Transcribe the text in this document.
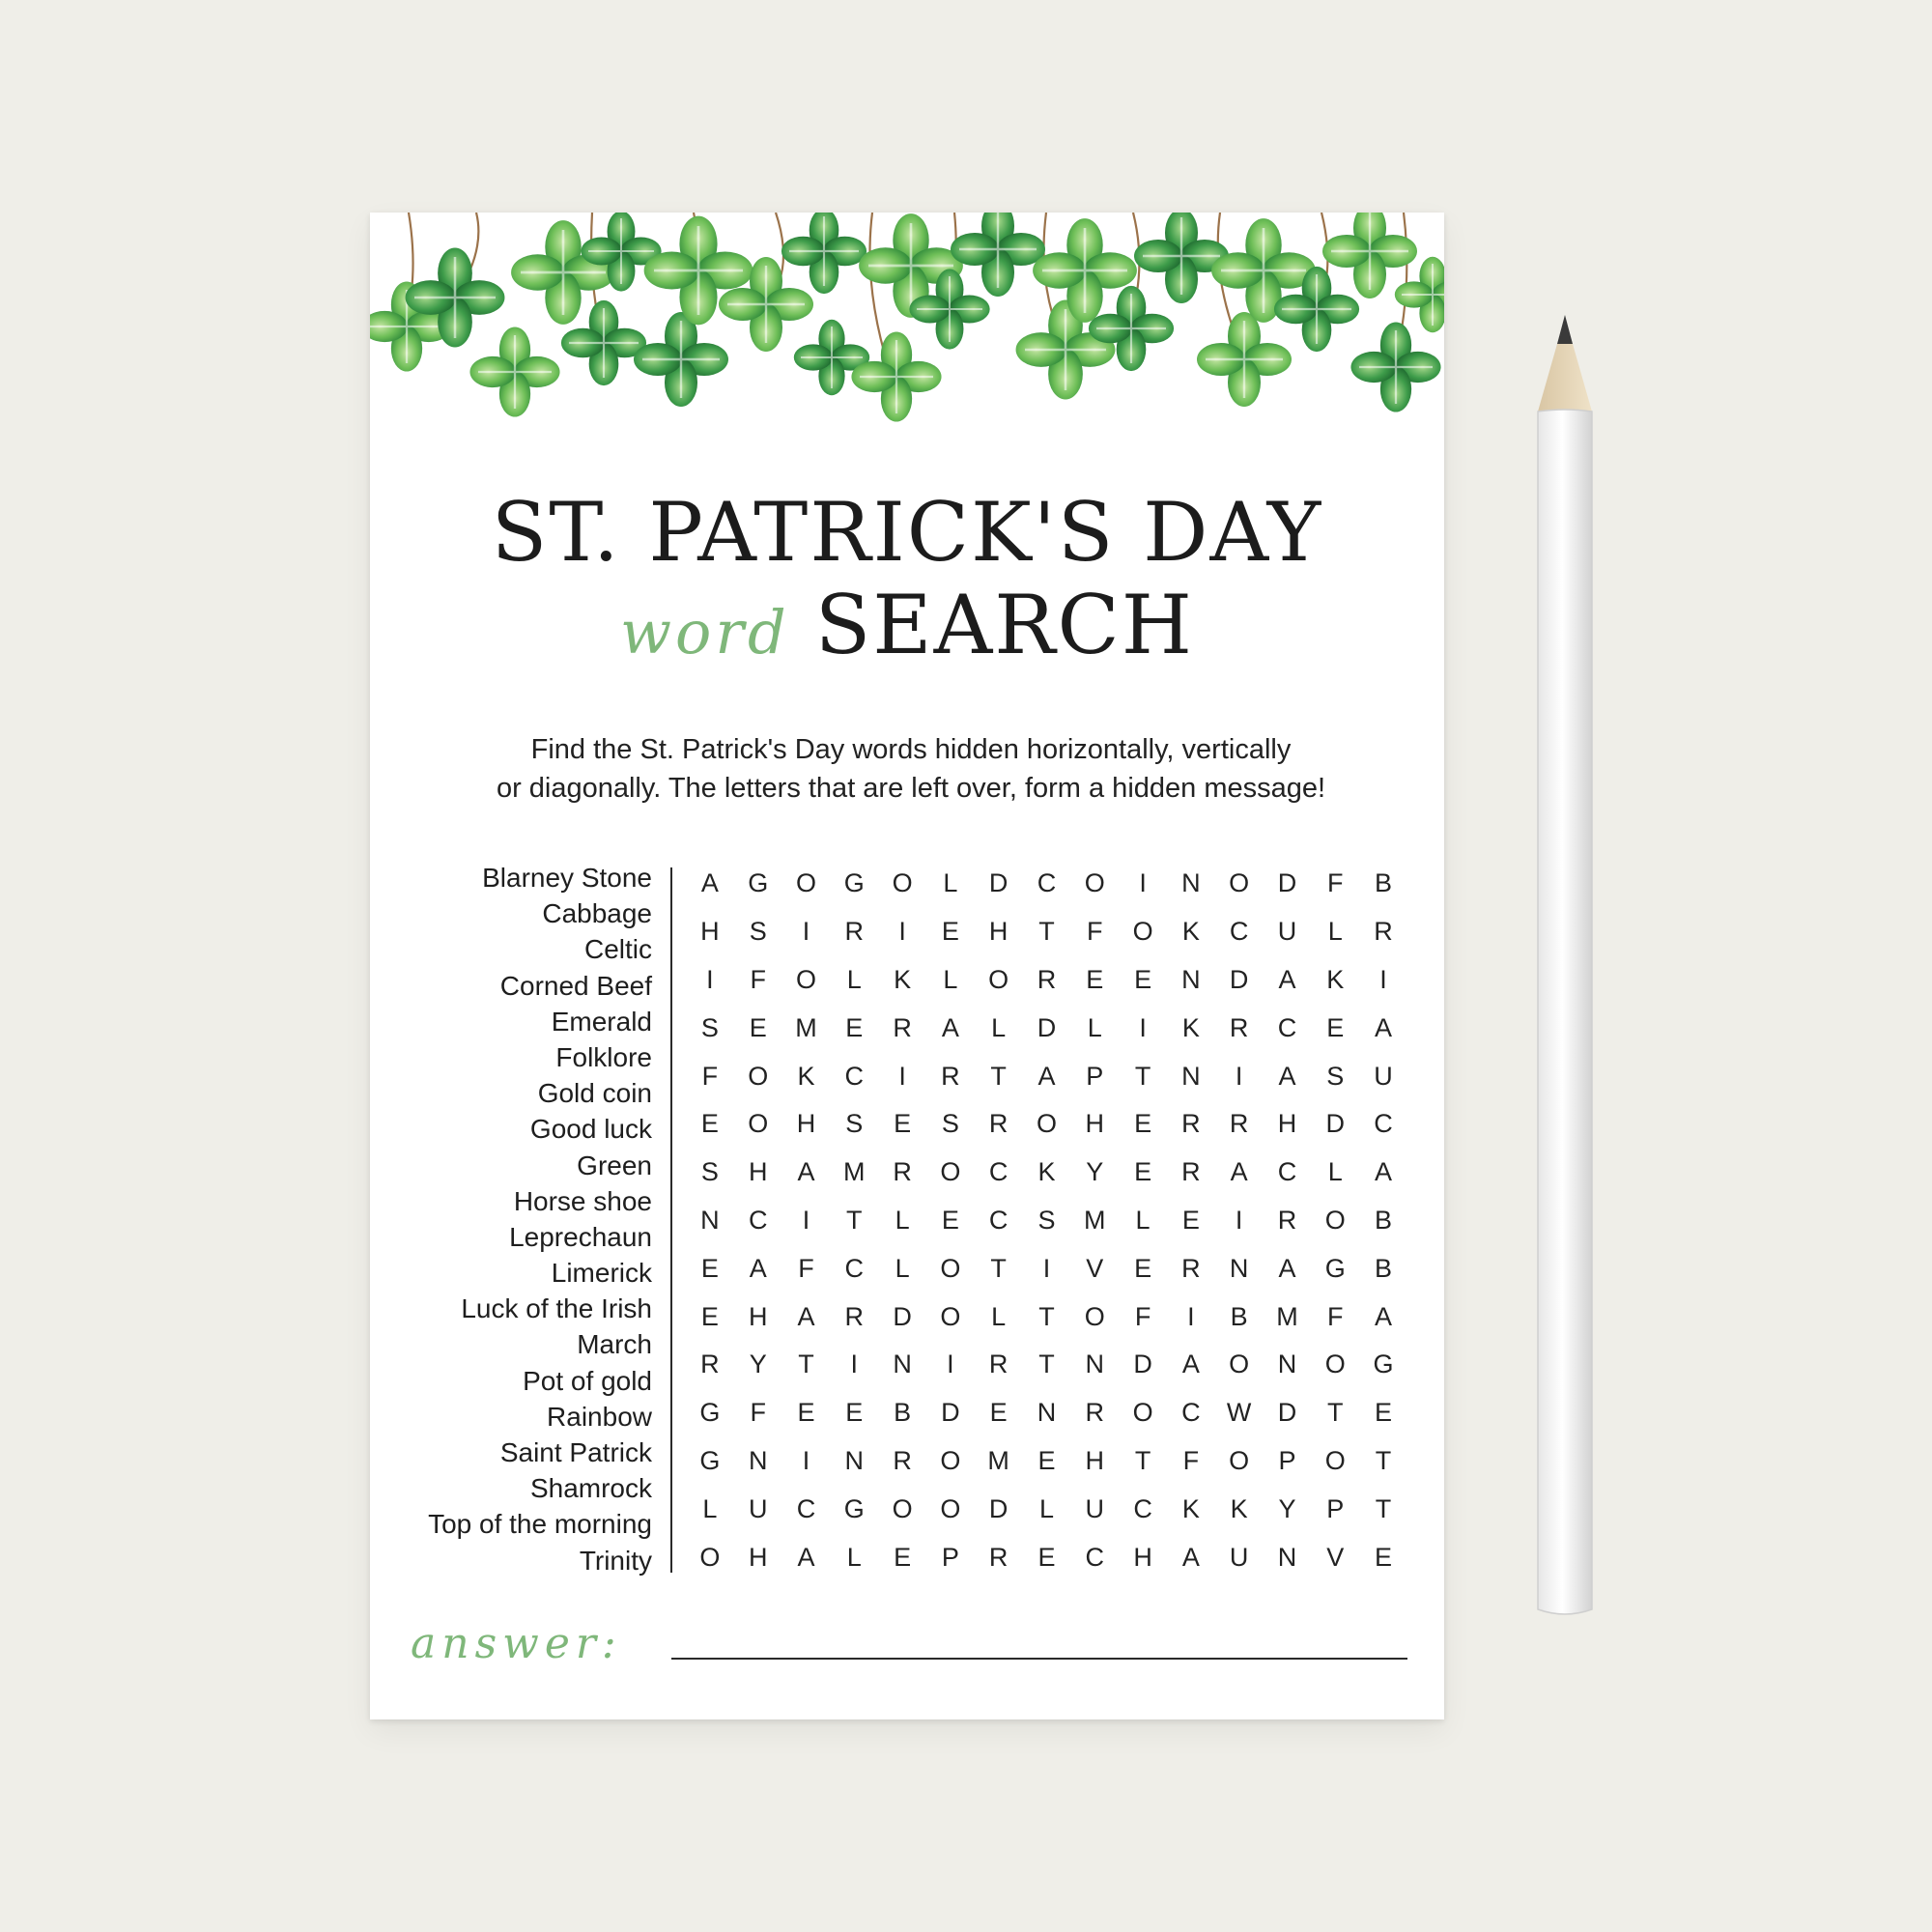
ST. PATRICK'S DAY
word SEARCH
Find the St. Patrick's Day words hidden horizontally, vertically
or diagonally. The letters that are left over, form a hidden message!
Blarney Stone
Cabbage
Celtic
Corned Beef
Emerald
Folklore
Gold coin
Good luck
Green
Horse shoe
Leprechaun
Limerick
Luck of the Irish
March
Pot of gold
Rainbow
Saint Patrick
Shamrock
Top of the morning
Trinity
A	G	O	G	O	L	D	C	O	I	N	O	D	F	B
H	S	I	R	I	E	H	T	F	O	K	C	U	L	R
I	F	O	L	K	L	O	R	E	E	N	D	A	K	I
S	E	M	E	R	A	L	D	L	I	K	R	C	E	A
F	O	K	C	I	R	T	A	P	T	N	I	A	S	U
E	O	H	S	E	S	R	O	H	E	R	R	H	D	C
S	H	A	M	R	O	C	K	Y	E	R	A	C	L	A
N	C	I	T	L	E	C	S	M	L	E	I	R	O	B
E	A	F	C	L	O	T	I	V	E	R	N	A	G	B
E	H	A	R	D	O	L	T	O	F	I	B	M	F	A
R	Y	T	I	N	I	R	T	N	D	A	O	N	O	G
G	F	E	E	B	D	E	N	R	O	C	W	D	T	E
G	N	I	N	R	O	M	E	H	T	F	O	P	O	T
L	U	C	G	O	O	D	L	U	C	K	K	Y	P	T
O	H	A	L	E	P	R	E	C	H	A	U	N	V	E
answer:
